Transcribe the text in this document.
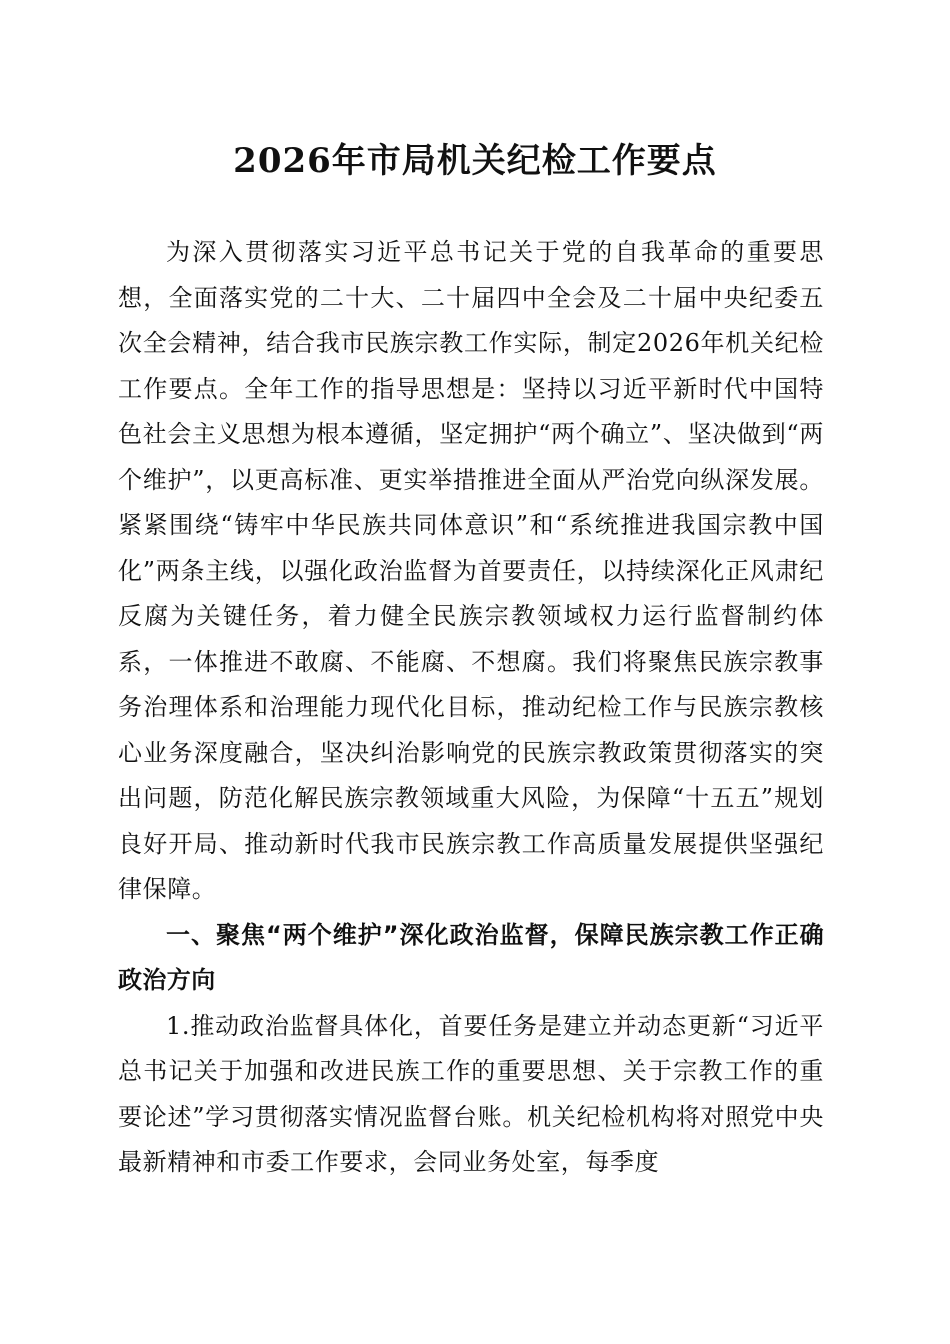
2026年市局机关纪检工作要点

为深入贯彻落实习近平总书记关于党的自我革命的重要思想，全面落实党的二十大、二十届四中全会及二十届中央纪委五次全会精神，结合我市民族宗教工作实际，制定2026年机关纪检工作要点。全年工作的指导思想是：坚持以习近平新时代中国特色社会主义思想为根本遵循，坚定拥护“两个确立”、坚决做到“两个维护”，以更高标准、更实举措推进全面从严治党向纵深发展。紧紧围绕“铸牢中华民族共同体意识”和“系统推进我国宗教中国化”两条主线，以强化政治监督为首要责任，以持续深化正风肃纪反腐为关键任务，着力健全民族宗教领域权力运行监督制约体系，一体推进不敢腐、不能腐、不想腐。我们将聚焦民族宗教事务治理体系和治理能力现代化目标，推动纪检工作与民族宗教核心业务深度融合，坚决纠治影响党的民族宗教政策贯彻落实的突出问题，防范化解民族宗教领域重大风险，为保障“十五五”规划良好开局、推动新时代我市民族宗教工作高质量发展提供坚强纪律保障。

一、聚焦“两个维护”深化政治监督，保障民族宗教工作正确政治方向

1.推动政治监督具体化，首要任务是建立并动态更新“习近平总书记关于加强和改进民族工作的重要思想、关于宗教工作的重要论述”学习贯彻落实情况监督台账。机关纪检机构将对照党中央最新精神和市委工作要求，会同业务处室，每季度
